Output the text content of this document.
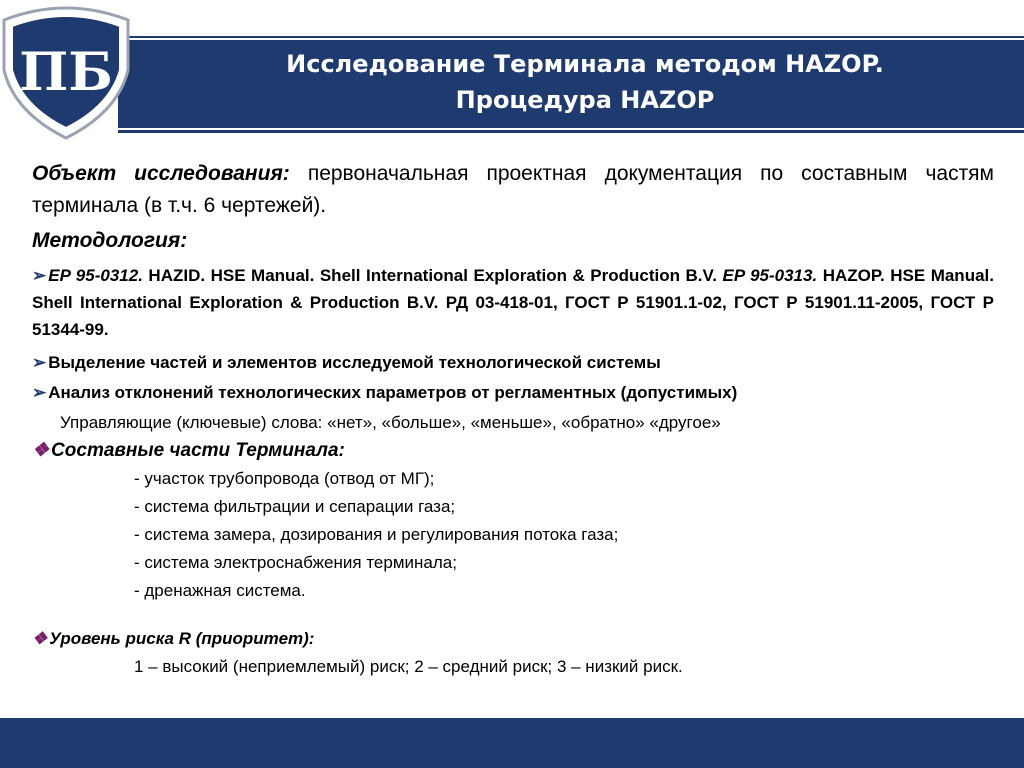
ПБ	Исследование Терминала методом HAZOP.
Процедура HAZOP

Объект исследования: первоначальная проектная документация по составным частям терминала (в т.ч. 6 чертежей).

Методология:
➢ EP 95-0312. HAZID. HSE Manual. Shell International Exploration & Production B.V. EP 95-0313. HAZOP. HSE Manual. Shell International Exploration & Production B.V. РД 03-418-01, ГОСТ Р 51901.1-02, ГОСТ Р 51901.11-2005, ГОСТ Р 51344-99.
➢ Выделение частей и элементов исследуемой технологической системы
➢ Анализ отклонений технологических параметров от регламентных (допустимых)
Управляющие (ключевые) слова: «нет», «больше», «меньше», «обратно» «другое»
❖ Составные части Терминала:
- участок трубопровода (отвод от МГ);
- система фильтрации и сепарации газа;
- система замера, дозирования и регулирования потока газа;
- система электроснабжения терминала;
- дренажная система.
❖ Уровень риска R (приоритет):
1 – высокий (неприемлемый) риск; 2 – средний риск; 3 – низкий риск.
